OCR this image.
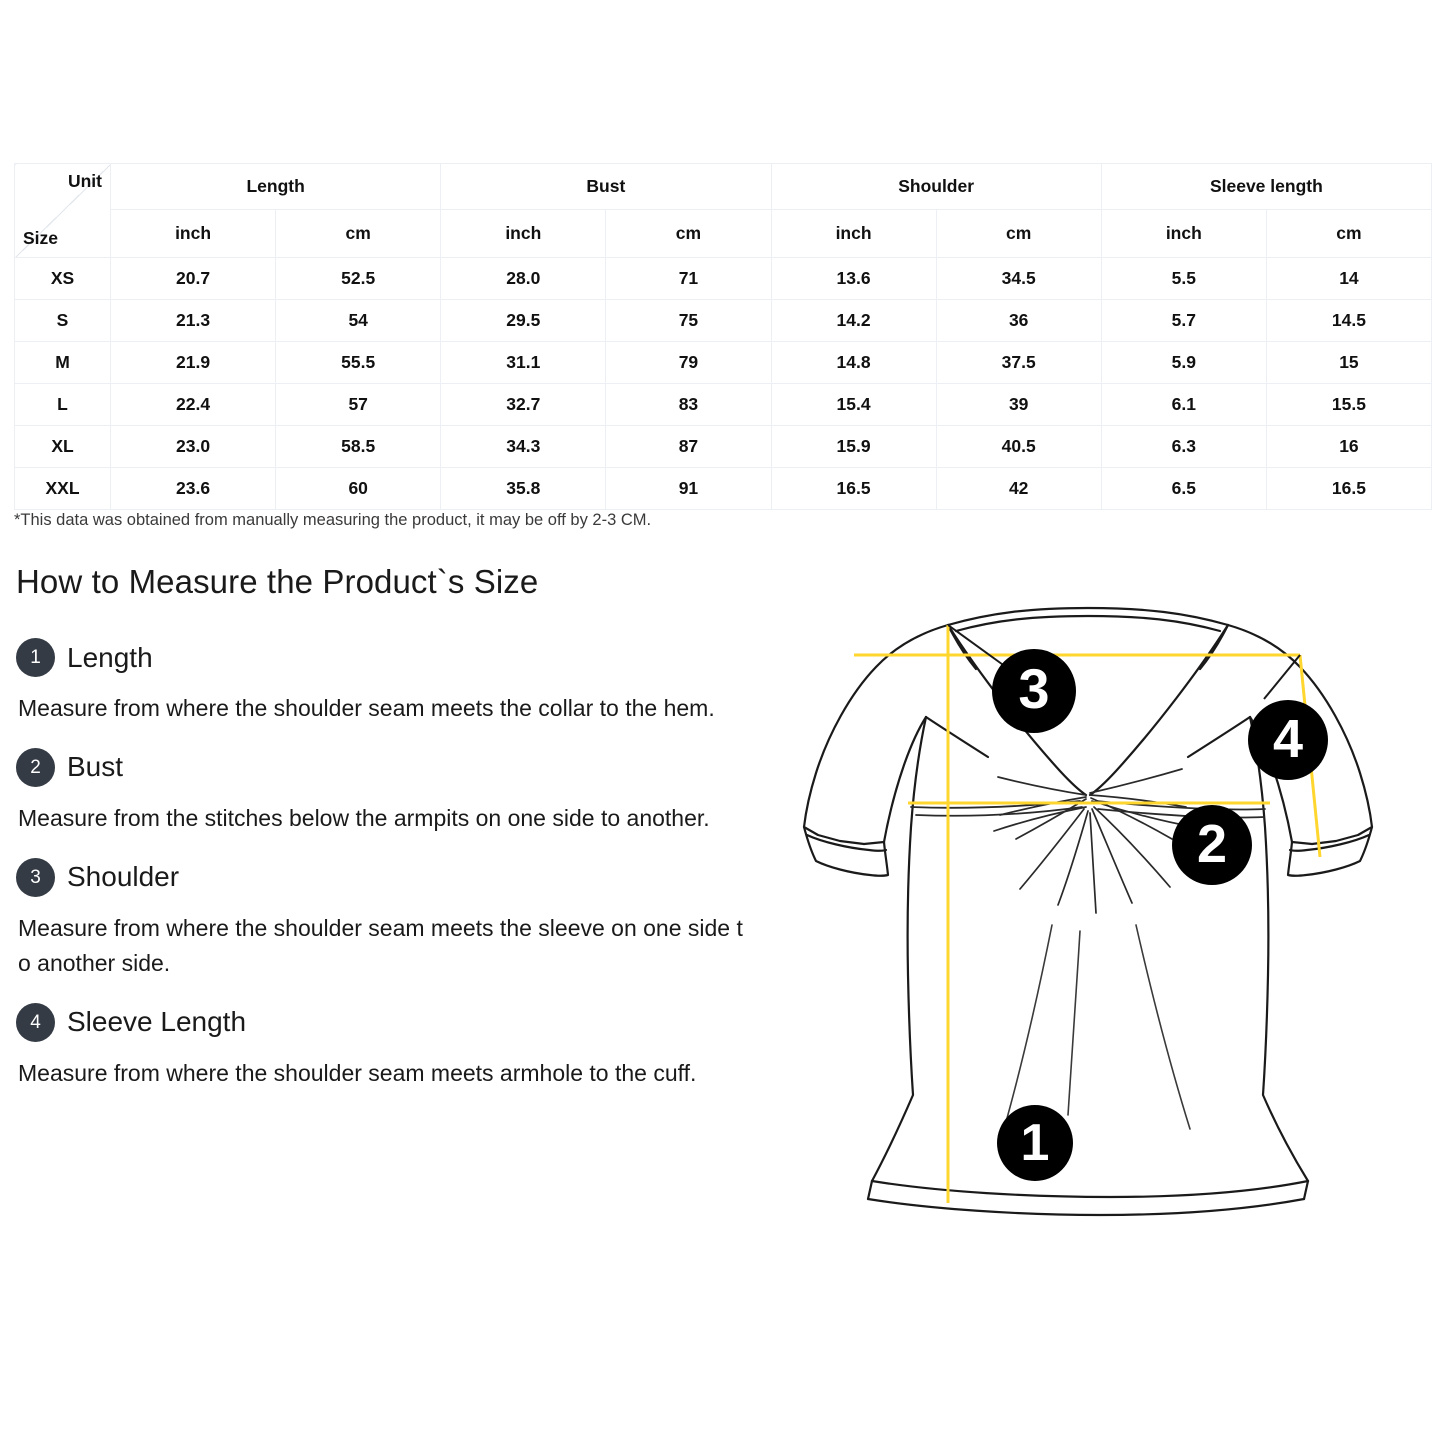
Unit
Size	Length		Bust		Shoulder		Sleeve length	
	inch	cm	inch	cm	inch	cm	inch	cm
XS	20.7	52.5	28.0	71	13.6	34.5	5.5	14
S	21.3	54	29.5	75	14.2	36	5.7	14.5
M	21.9	55.5	31.1	79	14.8	37.5	5.9	15
L	22.4	57	32.7	83	15.4	39	6.1	15.5
XL	23.0	58.5	34.3	87	15.9	40.5	6.3	16
XXL	23.6	60	35.8	91	16.5	42	6.5	16.5
*This data was obtained from manually measuring the product, it may be off by 2-3 CM.
How to Measure the Product`s Size
1 Length
Measure from where the shoulder seam meets the collar to the hem.
2 Bust
Measure from the stitches below the armpits on one side to another.
3 Shoulder
Measure from where the shoulder seam meets the sleeve on one side to another side.
4 Sleeve Length
Measure from where the shoulder seam meets armhole to the cuff.
3
4
2
1
